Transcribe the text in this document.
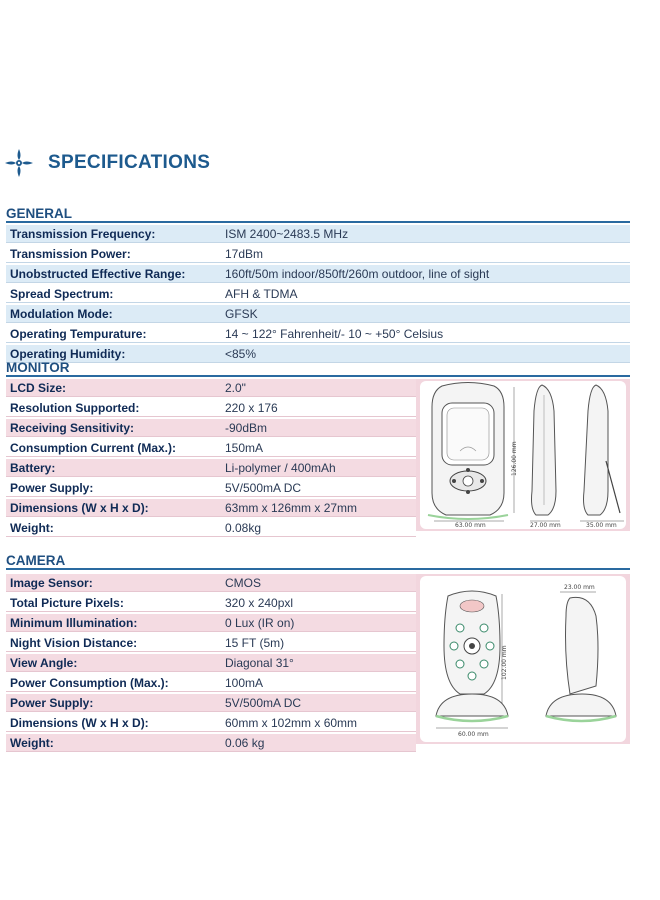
SPECIFICATIONS
GENERAL
Transmission Frequency:	ISM 2400~2483.5 MHz
Transmission Power:	17dBm
Unobstructed Effective Range:	160ft/50m indoor/850ft/260m outdoor, line of sight
Spread Spectrum:	AFH & TDMA
Modulation Mode:	GFSK
Operating Tempurature:	14 ~ 122° Fahrenheit/- 10 ~ +50° Celsius
Operating Humidity:	<85%
MONITOR
63.00 mm
126.00 mm
27.00 mm	35.00 mm
LCD Size:	2.0"
Resolution Supported:	220 x 176
Receiving Sensitivity:	-90dBm
Consumption Current (Max.):	150mA
Battery:	Li-polymer / 400mAh
Power Supply:	5V/500mA DC
Dimensions (W x H x D):	63mm x 126mm x 27mm
Weight:	0.08kg
CAMERA
102.00 mm
60.00 mm
23.00 mm
Image Sensor:	CMOS
Total Picture Pixels:	320 x 240pxl
Minimum Illumination:	0 Lux (IR on)
Night Vision Distance:	15 FT (5m)
View Angle:	Diagonal 31°
Power Consumption (Max.):	100mA
Power Supply:	5V/500mA DC
Dimensions (W x H x D):	60mm x 102mm x 60mm
Weight:	0.06 kg
